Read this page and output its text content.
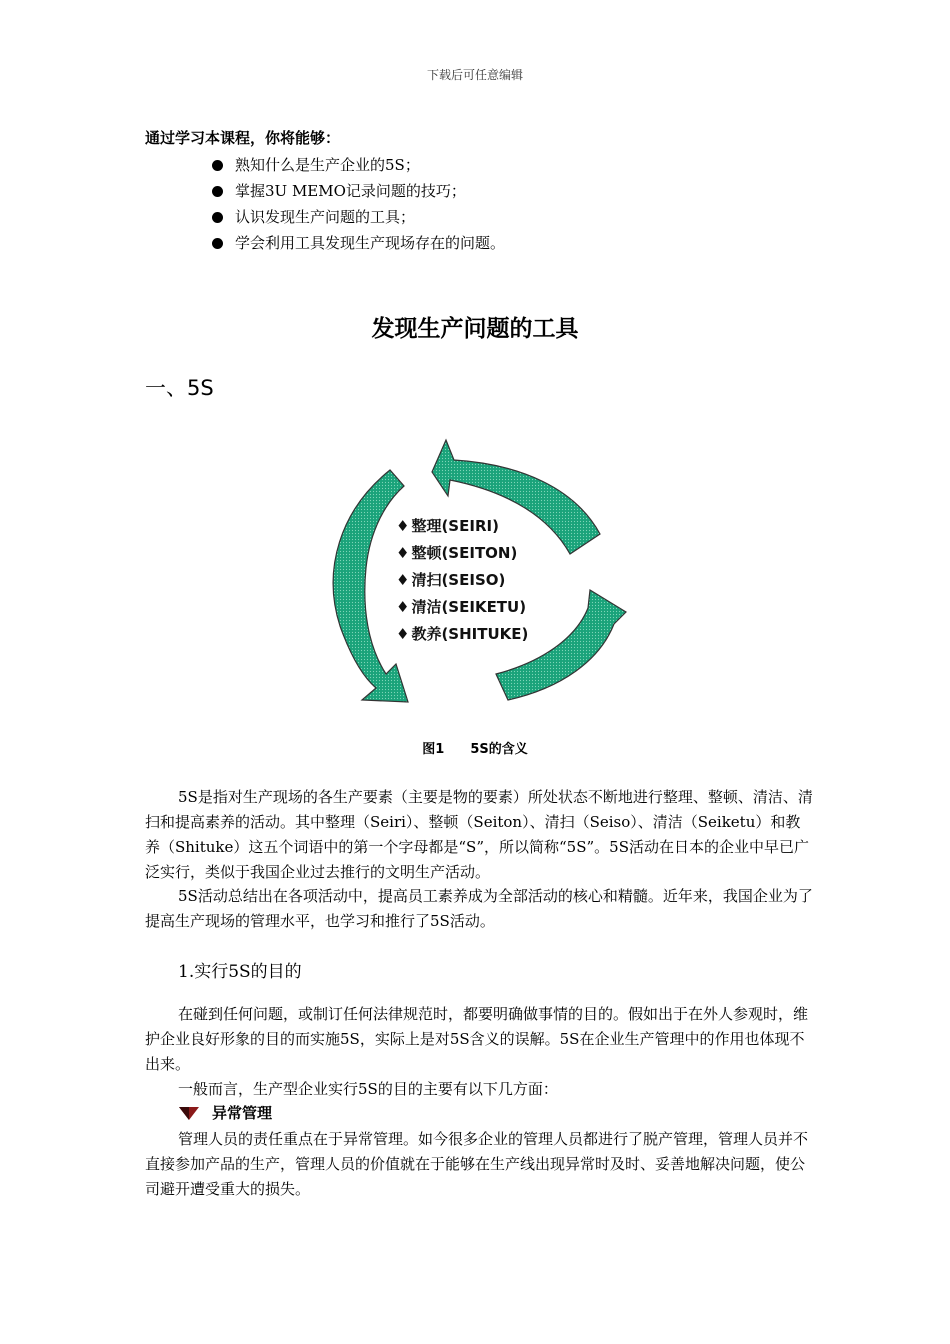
下载后可任意编辑
通过学习本课程，你将能够：
熟知什么是生产企业的5S；
掌握3U MEMO记录问题的技巧；
认识发现生产问题的工具；
学会利用工具发现生产现场存在的问题。
发现生产问题的工具
一、5S
♦ 整理(SEIRI)
♦ 整顿(SEITON)
♦ 清扫(SEISO)
♦ 清洁(SEIKETU)
♦ 教养(SHITUKE)
图1 5S的含义

5S是指对生产现场的各生产要素（主要是物的要素）所处状态不断地进行整理、整顿、清洁、清扫和提高素养的活动。其中整理（Seiri）、整顿（Seiton）、清扫（Seiso）、清洁（Seiketu）和教养（Shituke）这五个词语中的第一个字母都是“S”，所以简称“5S”。5S活动在日本的企业中早已广泛实行，类似于我国企业过去推行的文明生产活动。

5S活动总结出在各项活动中，提高员工素养成为全部活动的核心和精髓。近年来，我国企业为了提高生产现场的管理水平，也学习和推行了5S活动。

1.实行5S的目的

在碰到任何问题，或制订任何法律规范时，都要明确做事情的目的。假如出于在外人参观时，维护企业良好形象的目的而实施5S，实际上是对5S含义的误解。5S在企业生产管理中的作用也体现不出来。

一般而言，生产型企业实行5S的目的主要有以下几方面：

异常管理

管理人员的责任重点在于异常管理。如今很多企业的管理人员都进行了脱产管理，管理人员并不直接参加产品的生产，管理人员的价值就在于能够在生产线出现异常时及时、妥善地解决问题，使公司避开遭受重大的损失。
